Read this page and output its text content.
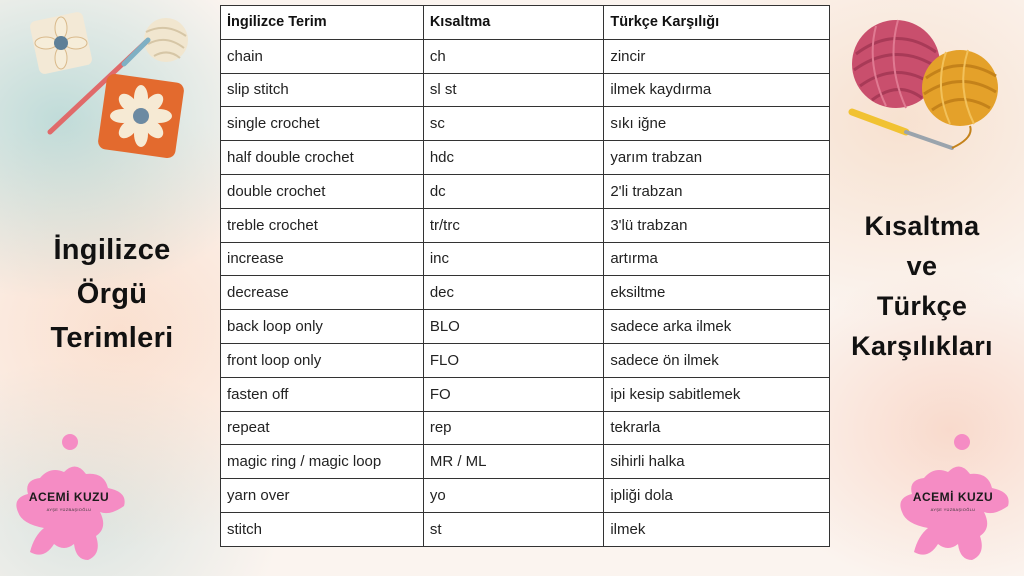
İngilizce
Örgü
Terimleri
Kısaltma
ve
Türkçe
Karşılıkları
ACEMİ KUZU
AYŞE YÜZBAŞIOĞLU
ACEMİ KUZU
AYŞE YÜZBAŞIOĞLU
İngilizce Terim	Kısaltma	Türkçe Karşılığı
chain	ch	zincir
slip stitch	sl st	ilmek kaydırma
single crochet	sc	sıkı iğne
half double crochet	hdc	yarım trabzan
double crochet	dc	2'li trabzan
treble crochet	tr/trc	3'lü trabzan
increase	inc	artırma
decrease	dec	eksiltme
back loop only	BLO	sadece arka ilmek
front loop only	FLO	sadece ön ilmek
fasten off	FO	ipi kesip sabitlemek
repeat	rep	tekrarla
magic ring / magic loop	MR / ML	sihirli halka
yarn over	yo	ipliği dola
stitch	st	ilmek
